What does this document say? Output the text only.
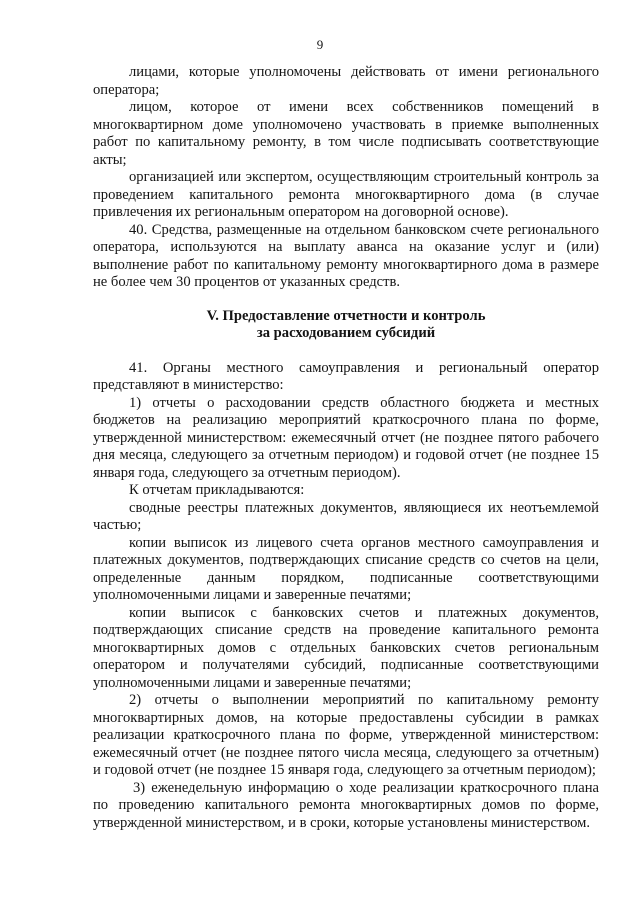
9

лицами, которые уполномочены действовать от имени регионального оператора;

лицом, которое от имени всех собственников помещений в многоквартирном доме уполномочено участвовать в приемке выполненных работ по капитальному ремонту, в том числе подписывать соответствующие акты;

организацией или экспертом, осуществляющим строительный контроль за проведением капитального ремонта многоквартирного дома (в случае привлечения их региональным оператором на договорной основе).

40. Средства, размещенные на отдельном банковском счете регионального оператора, используются на выплату аванса на оказание услуг и (или) выполнение работ по капитальному ремонту многоквартирного дома в размере не более чем 30 процентов от указанных средств.

V. Предоставление отчетности и контроль
за расходованием субсидий

41. Органы местного самоуправления и региональный оператор представляют в министерство:

1) отчеты о расходовании средств областного бюджета и местных бюджетов на реализацию мероприятий краткосрочного плана по форме, утвержденной министерством: ежемесячный отчет (не позднее пятого рабочего дня месяца, следующего за отчетным периодом) и годовой отчет (не позднее 15 января года, следующего за отчетным периодом).

К отчетам прикладываются:

сводные реестры платежных документов, являющиеся их неотъемлемой частью;

копии выписок из лицевого счета органов местного самоуправления и платежных документов, подтверждающих списание средств со счетов на цели, определенные данным порядком, подписанные соответствующими уполномоченными лицами и заверенные печатями;

копии выписок с банковских счетов и платежных документов, подтверждающих списание средств на проведение капитального ремонта многоквартирных домов с отдельных банковских счетов региональным оператором и получателями субсидий, подписанные соответствующими уполномоченными лицами и заверенные печатями;

2) отчеты о выполнении мероприятий по капитальному ремонту многоквартирных домов, на которые предоставлены субсидии в рамках реализации краткосрочного плана по форме, утвержденной министерством: ежемесячный отчет (не позднее пятого числа месяца, следующего за отчетным) и годовой отчет (не позднее 15 января года, следующего за отчетным периодом);

3) еженедельную информацию о ходе реализации краткосрочного плана по проведению капитального ремонта многоквартирных домов по форме, утвержденной министерством, и в сроки, которые установлены министерством.
